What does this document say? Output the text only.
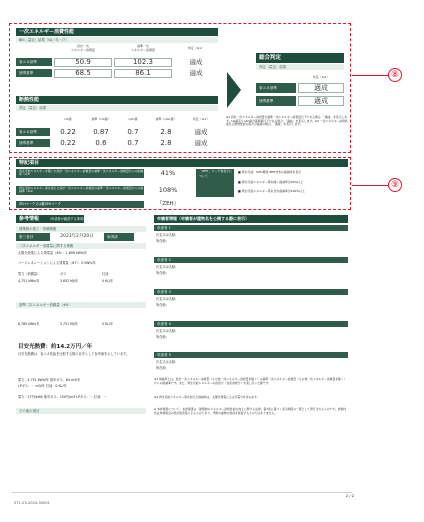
⑧
⑨
一次エネルギー消費性能
BEI（量定）結果［GJ／年・戸］
設計一次
エネルギー消費量
基準一次
エネルギー消費量	判定（※1）
省エネ基準	50.9	102.3	適成
誘導基準	68.5	86.1	適成
断熱性能
判定（量定）結果
UA値	基準（UA値）	ηAC値	基準（ηAC値）	判定（※1）
省エネ基準	0.22	0.87	0.7	2.8	適成
誘導基準	0.22	0.6	0.7	2.8	適成
総合判定
判定（量定）結果
判定（※2）
省エネ基準	適成
誘導基準	適成
※1 設計一次エネルギー消費量が基準一次エネルギー消費量以下である場合、「適成」を表示します。UA値及びηAC値が基準値以下である場合、「適成」を表示します。※2 一次エネルギー消費性能及び断熱性能の両方が適成の場合、「適成」を表示します。
特記項目
再生可能エネルギーを除いた設計一次エネルギー消費量の基準一次エネルギー消費量からの削減率（※3）	41%
再生可能エネルギー等を加えた設計一次エネルギー消費量の基準一次エネルギー消費量からの削減率（※4）	108%
ZEHマーク又は難ZEHマーク	『ZEH』
「ZEH」マーク等表示について
■ 再生可能：59%増加 ZEH対象の削減率を表示
■ 再生可能エネルギー等を除く削減率が20%以上
■ 再生可能エネルギー等を含む削減率が100%以上
参考情報	（申請者が確認する事項）
建築物の竣工・依頼情報
第三者評	2023年2月20日	取得済
二次エネルギー消費量に関する情報
太陽光発電による発電量（※5）：1,808 kWh/年
コージェネレーションによる発電量（※7）：0 kWh/年
電力（消費量）	ガス	灯油
4,751 kWh/年	3,652 MJ/年	0 KL/年
基準二次エネルギー消費量（※5）
8,785 kWh/年	3,751 MJ/年	0 KL/年
目安光熱費：約14.2万円／年
目安光熱費は、省エネ性能を比較する際の目安として参考値を示しています。
電力：4,751 kWh/年 都市ガス：84 m3/年
LPガス：－ m3/年 灯油：0 KL/年
電力：27円/kWh 都市ガス：150円/m3 LPガス：－ 灯油：－
その他の項目
申請者情報（申請者が建物名を公開する際に表示）
申請者 1
氏名又は名称：
所在地：
申請者 2
氏名又は名称：
所在地：
申請者 3
氏名又は名称：
所在地：
申請者 4
氏名又は名称：
所在地：
申請者 5
氏名又は名称：
所在地：
※3 削減率とは、設計一次エネルギー消費量（その他一次エネルギー消費量を除く）の基準一次エネルギー消費量（その他一次エネルギー消費量を除く）からの削減率です。また、再生可能エネルギーの供給分（自家消費分）を差し引いた値です。
※4 再生可能エネルギー等を加えた削減率は、太陽光発電による売電分を含みます。
※ 本評価書について：本評価書は「建築物のエネルギー消費性能の向上に関する法律」第7条に基づく表示制度の一環として発行されるものです。評価内容は申請時点の設計図書等によるものであり、実際の建物の性能を保証するものではありません。
2 / 2
071-03-2024-35001
